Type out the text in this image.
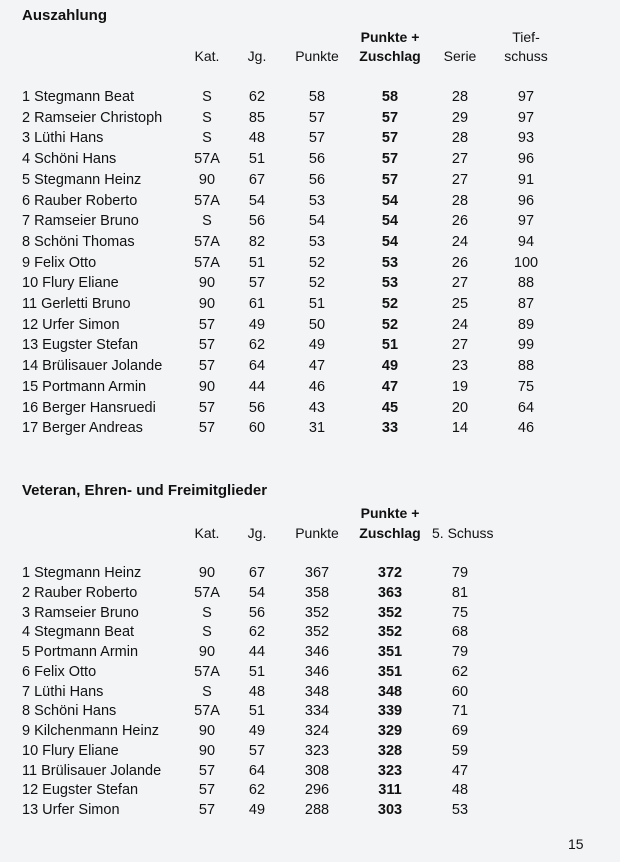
Auszahlung
Punkte +	Tief-
Kat.	Jg. Punkte	Zuschlag	Serie	schuss
1 Stegmann Beat	S	62	58	58	28	97
2 Ramseier Christoph	S	85	57	57	29	97
3 Lüthi Hans	S	48	57	57	28	93
4 Schöni Hans	57A 51	56	57	27	96
5 Stegmann Heinz	90	67	56	57	27	91
6 Rauber Roberto	57A 54	53	54	28	96
7 Ramseier Bruno	S	56	54	54	26	97
8 Schöni Thomas	57A 82	53	54	24	94
9 Felix Otto	57A 51	52	53	26	100
10 Flury Eliane	90	57	52	53	27	88
11 Gerletti Bruno	90	61	51	52	25	87
12 Urfer Simon	57	49	50	52	24	89
13 Eugster Stefan	57	62	49	51	27	99
14 Brülisauer Jolande	57	64	47	49	23	88
15 Portmann Armin	90	44	46	47	19	75
16 Berger Hansruedi	57	56	43	45	20	64
17 Berger Andreas	57	60	31	33	14	46
Veteran, Ehren- und Freimitglieder
Punkte +
Kat.	Jg. Punkte	Zuschlag 5. Schuss
1 Stegmann Heinz	90	67	367	372	79
2 Rauber Roberto	57A 54	358	363	81
3 Ramseier Bruno	S	56	352	352	75
4 Stegmann Beat	S	62	352	352	68
5 Portmann Armin	90	44	346	351	79
6 Felix Otto	57A 51	346	351	62
7 Lüthi Hans	S	48	348	348	60
8 Schöni Hans	57A 51	334	339	71
9 Kilchenmann Heinz	90	49	324	329	69
10 Flury Eliane	90	57	323	328	59
11 Brülisauer Jolande	57	64	308	323	47
12 Eugster Stefan	57	62	296	311	48
13 Urfer Simon	57	49	288	303	53
15
